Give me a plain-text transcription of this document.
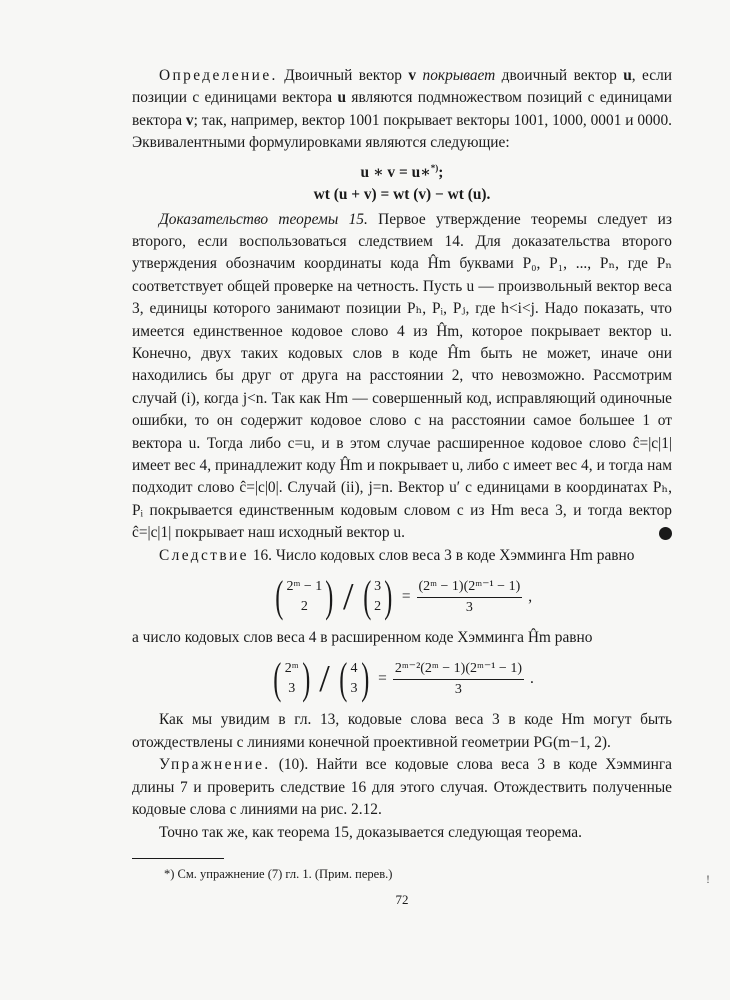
Определение. Двоичный вектор v покрывает двоичный вектор u, если позиции с единицами вектора u являются подмножеством позиций с единицами вектора v; так, например, вектор 1001 покрывает векторы 1001, 1000, 0001 и 0000. Эквивалентными формулировками являются следующие:

u ∗ v = u∗*);
wt (u + v) = wt (v) − wt (u).

Доказательство теоремы 15. Первое утверждение теоремы следует из второго, если воспользоваться следствием 14. Для доказательства второго утверждения обозначим координаты кода Ĥm буквами P₀, P₁, ..., Pₙ, где Pₙ соответствует общей проверке на четность. Пусть u — произвольный вектор веса 3, единицы которого занимают позиции Pₕ, Pᵢ, Pⱼ, где h<i<j. Надо показать, что имеется единственное кодовое слово 4 из Ĥm, которое покрывает вектор u. Конечно, двух таких кодовых слов в коде Ĥm быть не может, иначе они находились бы друг от друга на расстоянии 2, что невозможно. Рассмотрим случай (i), когда j<n. Так как Hm — совершенный код, исправляющий одиночные ошибки, то он содержит кодовое слово c на расстоянии самое большее 1 от вектора u. Тогда либо c=u, и в этом случае расширенное кодовое слово ĉ=|c|1| имеет вес 4, принадлежит коду Ĥm и покрывает u, либо c имеет вес 4, и тогда нам подходит слово ĉ=|c|0|. Случай (ii), j=n. Вектор u′ с единицами в координатах Pₕ, Pᵢ покрывается единственным кодовым словом c из Hm веса 3, и тогда вектор ĉ=|c|1| покрывает наш исходный вектор u.

Следствие 16. Число кодовых слов веса 3 в коде Хэмминга Hm равно

( 2ᵐ − 1
2 ) / ( 3
2 ) = $\frac{\text{(2ᵐ − 1)(2ᵐ⁻¹ − 1)}}{3}$ ,

а число кодовых слов веса 4 в расширенном коде Хэмминга Ĥm равно

( 2ᵐ
3 ) / ( 4
3 ) = $\frac{\text{2ᵐ⁻²(2ᵐ − 1)(2ᵐ⁻¹ − 1)}}{3}$ .

Как мы увидим в гл. 13, кодовые слова веса 3 в коде Hm могут быть отождествлены с линиями конечной проективной геометрии PG(m−1, 2).

Упражнение. (10). Найти все кодовые слова веса 3 в коде Хэмминга длины 7 и проверить следствие 16 для этого случая. Отождествить полученные кодовые слова с линиями на рис. 2.12.

Точно так же, как теорема 15, доказывается следующая теорема.

*) См. упражнение (7) гл. 1. (Прим. перев.)
72
!
